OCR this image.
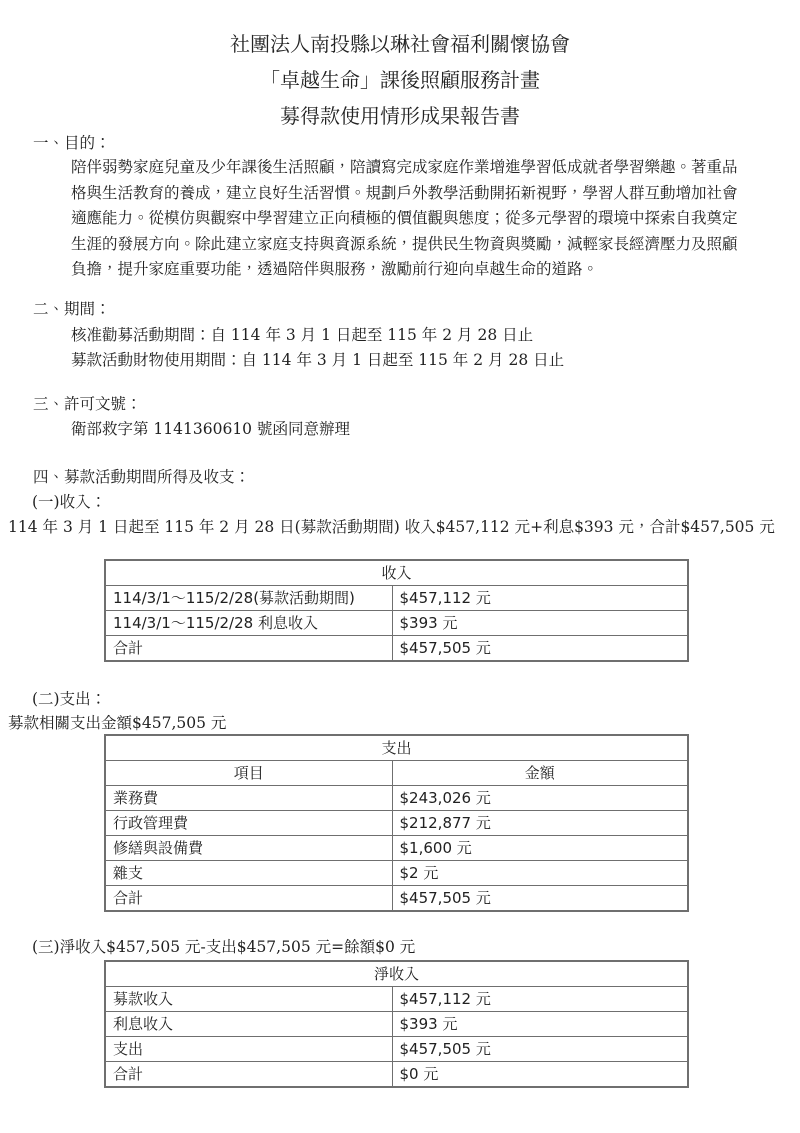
社團法人南投縣以琳社會福利關懷協會
「卓越生命」課後照顧服務計畫
募得款使用情形成果報告書
一、目的：
陪伴弱勢家庭兒童及少年課後生活照顧，陪讀寫完成家庭作業增進學習低成就者學習樂趣。著重品
格與生活教育的養成，建立良好生活習慣。規劃戶外教學活動開拓新視野，學習人群互動增加社會
適應能力。從模仿與觀察中學習建立正向積極的價值觀與態度；從多元學習的環境中探索自我奠定
生涯的發展方向。除此建立家庭支持與資源系統，提供民生物資與獎勵，減輕家長經濟壓力及照顧
負擔，提升家庭重要功能，透過陪伴與服務，激勵前行迎向卓越生命的道路。
二、期間：
核准勸募活動期間：自 114 年 3 月 1 日起至 115 年 2 月 28 日止
募款活動財物使用期間：自 114 年 3 月 1 日起至 115 年 2 月 28 日止
三、許可文號：
衛部救字第 1141360610 號函同意辦理
四、募款活動期間所得及收支：
(一)收入：
114 年 3 月 1 日起至 115 年 2 月 28 日(募款活動期間) 收入$457,112 元+利息$393 元，合計$457,505 元
收入	
114/3/1～115/2/28(募款活動期間)	$457,112 元
114/3/1～115/2/28 利息收入	$393 元
合計	$457,505 元
(二)支出：
募款相關支出金額$457,505 元
支出	
項目	金額
業務費	$243,026 元
行政管理費	$212,877 元
修繕與設備費	$1,600 元
雜支	$2 元
合計	$457,505 元
(三)淨收入$457,505 元-支出$457,505 元=餘額$0 元
淨收入	
募款收入	$457,112 元
利息收入	$393 元
支出	$457,505 元
合計	$0 元
